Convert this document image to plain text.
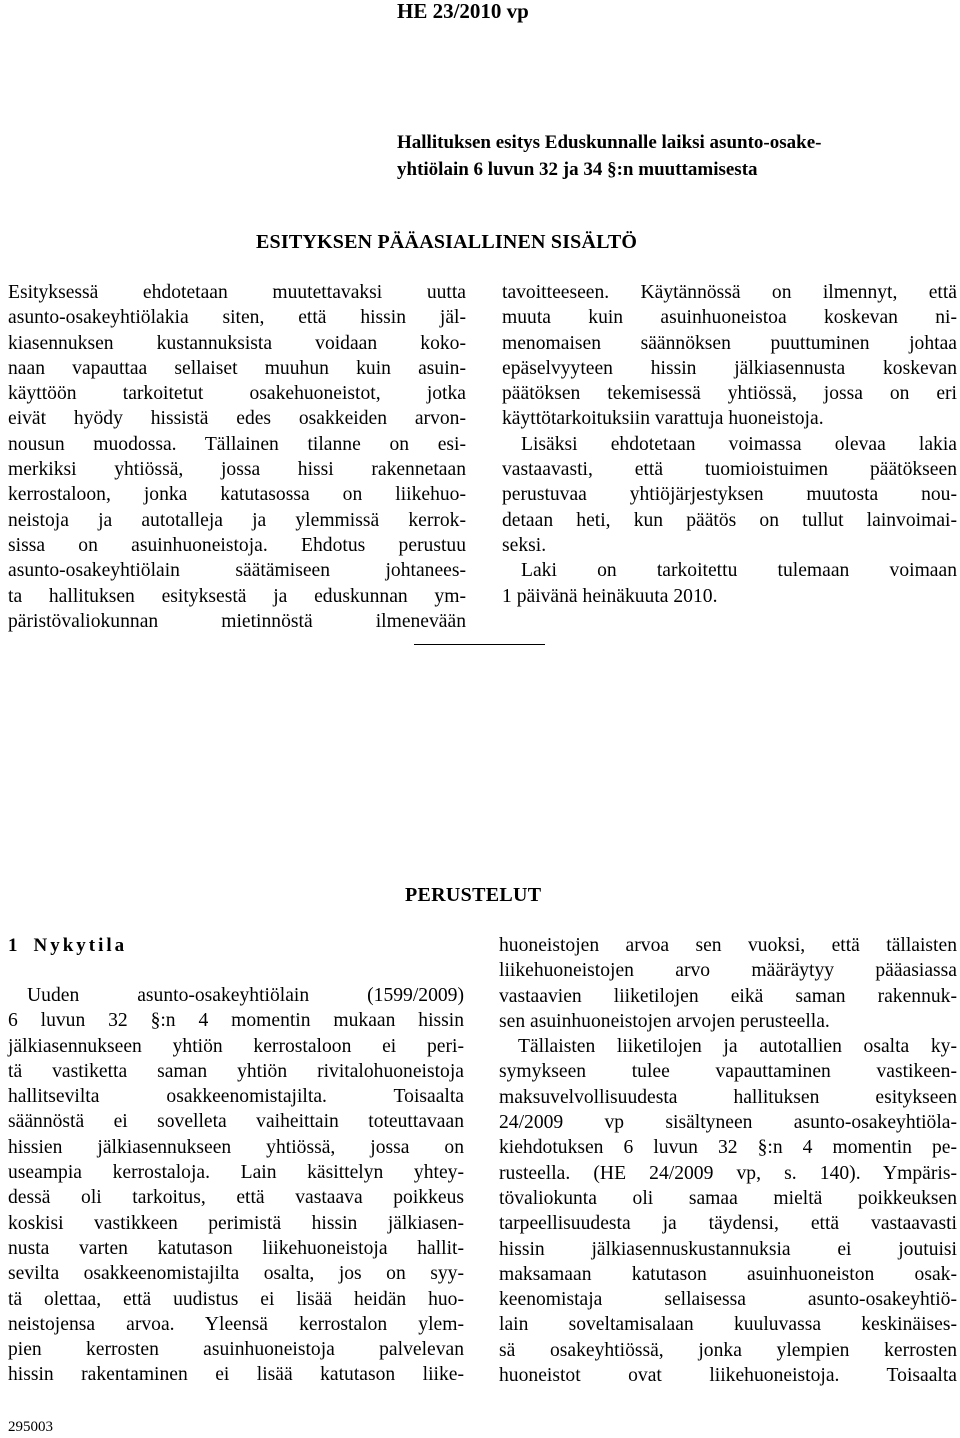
HE 23/2010 vp
Hallituksen esitys Eduskunnalle laiksi asunto-osake-
yhtiölain 6 luvun 32 ja 34 §:n muuttamisesta
ESITYKSEN PÄÄASIALLINEN SISÄLTÖ
Esityksessä ehdotetaan muutettavaksi uutta
asunto-osakeyhtiölakia siten, että hissin jäl-
kiasennuksen kustannuksista voidaan koko-
naan vapauttaa sellaiset muuhun kuin asuin-
käyttöön tarkoitetut osakehuoneistot, jotka
eivät hyödy hissistä edes osakkeiden arvon-
nousun muodossa. Tällainen tilanne on esi-
merkiksi yhtiössä, jossa hissi rakennetaan
kerrostaloon, jonka katutasossa on liikehuo-
neistoja ja autotalleja ja ylemmissä kerrok-
sissa on asuinhuoneistoja. Ehdotus perustuu
asunto-osakeyhtiölain säätämiseen johtanees-
ta hallituksen esityksestä ja eduskunnan ym-
päristövaliokunnan mietinnöstä ilmenevään
tavoitteeseen. Käytännössä on ilmennyt, että
muuta kuin asuinhuoneistoa koskevan ni-
menomaisen säännöksen puuttuminen johtaa
epäselvyyteen hissin jälkiasennusta koskevan
päätöksen tekemisessä yhtiössä, jossa on eri
käyttötarkoituksiin varattuja huoneistoja.
Lisäksi ehdotetaan voimassa olevaa lakia
vastaavasti, että tuomioistuimen päätökseen
perustuvaa yhtiöjärjestyksen muutosta nou-
detaan heti, kun päätös on tullut lainvoimai-
seksi.
Laki on tarkoitettu tulemaan voimaan
1 päivänä heinäkuuta 2010.
PERUSTELUT
1 Nykytila
Uuden asunto-osakeyhtiölain (1599/2009)
6 luvun 32 §:n 4 momentin mukaan hissin
jälkiasennukseen yhtiön kerrostaloon ei peri-
tä vastiketta saman yhtiön rivitalohuoneistoja
hallitsevilta osakkeenomistajilta. Toisaalta
säännöstä ei sovelleta vaiheittain toteuttavaan
hissien jälkiasennukseen yhtiössä, jossa on
useampia kerrostaloja. Lain käsittelyn yhtey-
dessä oli tarkoitus, että vastaava poikkeus
koskisi vastikkeen perimistä hissin jälkiasen-
nusta varten katutason liikehuoneistoja hallit-
sevilta osakkeenomistajilta osalta, jos on syy-
tä olettaa, että uudistus ei lisää heidän huo-
neistojensa arvoa. Yleensä kerrostalon ylem-
pien kerrosten asuinhuoneistoja palvelevan
hissin rakentaminen ei lisää katutason liike-
huoneistojen arvoa sen vuoksi, että tällaisten
liikehuoneistojen arvo määräytyy pääasiassa
vastaavien liiketilojen eikä saman rakennuk-
sen asuinhuoneistojen arvojen perusteella.
Tällaisten liiketilojen ja autotallien osalta ky-
symykseen tulee vapauttaminen vastikeen-
maksuvelvollisuudesta hallituksen esitykseen
24/2009 vp sisältyneen asunto-osakeyhtiöla-
kiehdotuksen 6 luvun 32 §:n 4 momentin pe-
rusteella. (HE 24/2009 vp, s. 140). Ympäris-
tövaliokunta oli samaa mieltä poikkeuksen
tarpeellisuudesta ja täydensi, että vastaavasti
hissin jälkiasennuskustannuksia ei joutuisi
maksamaan katutason asuinhuoneiston osak-
keenomistaja sellaisessa asunto-osakeyhtiö-
lain soveltamisalaan kuuluvassa keskinäises-
sä osakeyhtiössä, jonka ylempien kerrosten
huoneistot ovat liikehuoneistoja. Toisaalta
295003
